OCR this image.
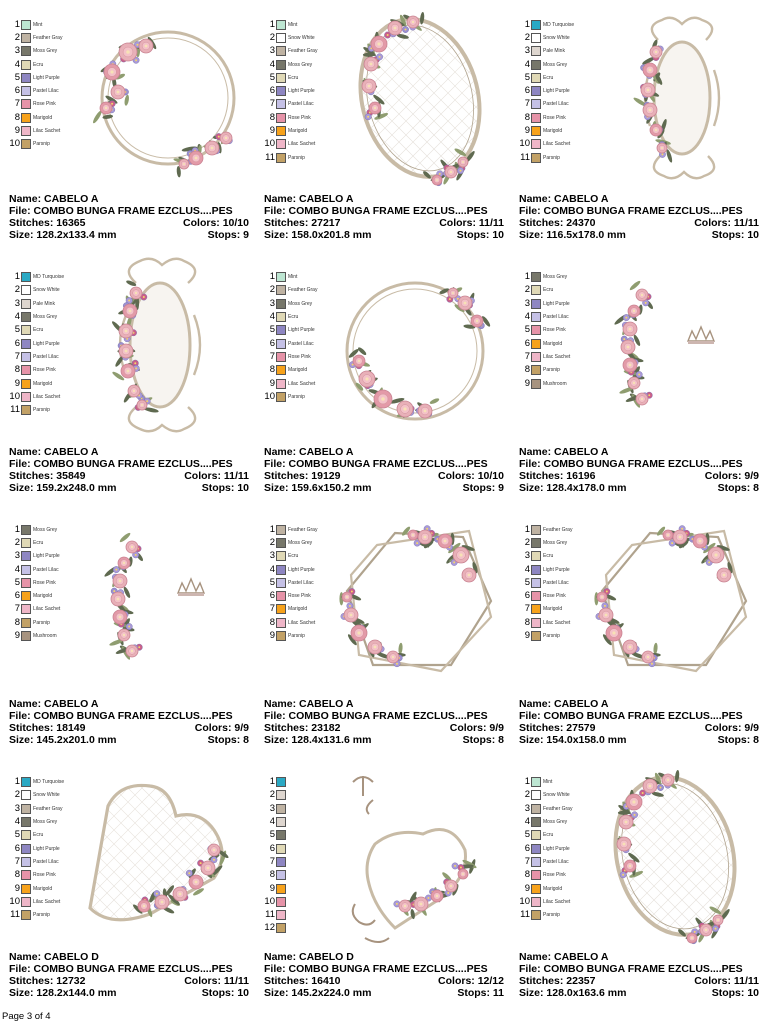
1	Mint
2	Feather Gray
3	Moss Grey
4	Ecru
5	Light Purple
6	Pastel Lilac
7	Rose Pink
8	Marigold
9	Lilac Sachet
10	Parsnip
Name: CABELO A
File: COMBO BUNGA FRAME EZCLUS....PES
Stitches: 16365	Colors: 10/10
Size: 128.2x133.4 mm	Stops: 9
1	Mint
2	Snow White
3	Feather Gray
4	Moss Grey
5	Ecru
6	Light Purple
7	Pastel Lilac
8	Rose Pink
9	Marigold
10	Lilac Sachet
11	Parsnip
Name: CABELO A
File: COMBO BUNGA FRAME EZCLUS....PES
Stitches: 27217	Colors: 11/11
Size: 158.0x201.8 mm	Stops: 10
1	MD Turquoise
2	Snow White
3	Pale Mink
4	Moss Grey
5	Ecru
6	Light Purple
7	Pastel Lilac
8	Rose Pink
9	Marigold
10	Lilac Sachet
11	Parsnip
Name: CABELO A
File: COMBO BUNGA FRAME EZCLUS....PES
Stitches: 24370	Colors: 11/11
Size: 116.5x178.0 mm	Stops: 10
1	MD Turquoise
2	Snow White
3	Pale Mink
4	Moss Grey
5	Ecru
6	Light Purple
7	Pastel Lilac
8	Rose Pink
9	Marigold
10	Lilac Sachet
11	Parsnip
Name: CABELO A
File: COMBO BUNGA FRAME EZCLUS....PES
Stitches: 35849	Colors: 11/11
Size: 159.2x248.0 mm	Stops: 10
1	Mint
2	Feather Gray
3	Moss Grey
4	Ecru
5	Light Purple
6	Pastel Lilac
7	Rose Pink
8	Marigold
9	Lilac Sachet
10	Parsnip
Name: CABELO A
File: COMBO BUNGA FRAME EZCLUS....PES
Stitches: 19129	Colors: 10/10
Size: 159.6x150.2 mm	Stops: 9
1	Moss Grey
2	Ecru
3	Light Purple
4	Pastel Lilac
5	Rose Pink
6	Marigold
7	Lilac Sachet
8	Parsnip
9	Mushroom
Name: CABELO A
File: COMBO BUNGA FRAME EZCLUS....PES
Stitches: 16196	Colors: 9/9
Size: 128.4x178.0 mm	Stops: 8
1	Moss Grey
2	Ecru
3	Light Purple
4	Pastel Lilac
5	Rose Pink
6	Marigold
7	Lilac Sachet
8	Parsnip
9	Mushroom
Name: CABELO A
File: COMBO BUNGA FRAME EZCLUS....PES
Stitches: 18149	Colors: 9/9
Size: 145.2x201.0 mm	Stops: 8
1	Feather Gray
2	Moss Grey
3	Ecru
4	Light Purple
5	Pastel Lilac
6	Rose Pink
7	Marigold
8	Lilac Sachet
9	Parsnip
Name: CABELO A
File: COMBO BUNGA FRAME EZCLUS....PES
Stitches: 23182	Colors: 9/9
Size: 128.4x131.6 mm	Stops: 8
1	Feather Gray
2	Moss Grey
3	Ecru
4	Light Purple
5	Pastel Lilac
6	Rose Pink
7	Marigold
8	Lilac Sachet
9	Parsnip
Name: CABELO A
File: COMBO BUNGA FRAME EZCLUS....PES
Stitches: 27579	Colors: 9/9
Size: 154.0x158.0 mm	Stops: 8
1	MD Turquoise
2	Snow White
3	Feather Gray
4	Moss Grey
5	Ecru
6	Light Purple
7	Pastel Lilac
8	Rose Pink
9	Marigold
10	Lilac Sachet
11	Parsnip
Name: CABELO D
File: COMBO BUNGA FRAME EZCLUS....PES
Stitches: 12732	Colors: 11/11
Size: 128.2x144.0 mm	Stops: 10
1
2
3
4
5
6
7
8
9
10
11
12
Name: CABELO D
File: COMBO BUNGA FRAME EZCLUS....PES
Stitches: 16410	Colors: 12/12
Size: 145.2x224.0 mm	Stops: 11
1	Mint
2	Snow White
3	Feather Gray
4	Moss Grey
5	Ecru
6	Light Purple
7	Pastel Lilac
8	Rose Pink
9	Marigold
10	Lilac Sachet
11	Parsnip
Name: CABELO A
File: COMBO BUNGA FRAME EZCLUS....PES
Stitches: 22357	Colors: 11/11
Size: 128.0x163.6 mm	Stops: 10
Page 3 of 4
